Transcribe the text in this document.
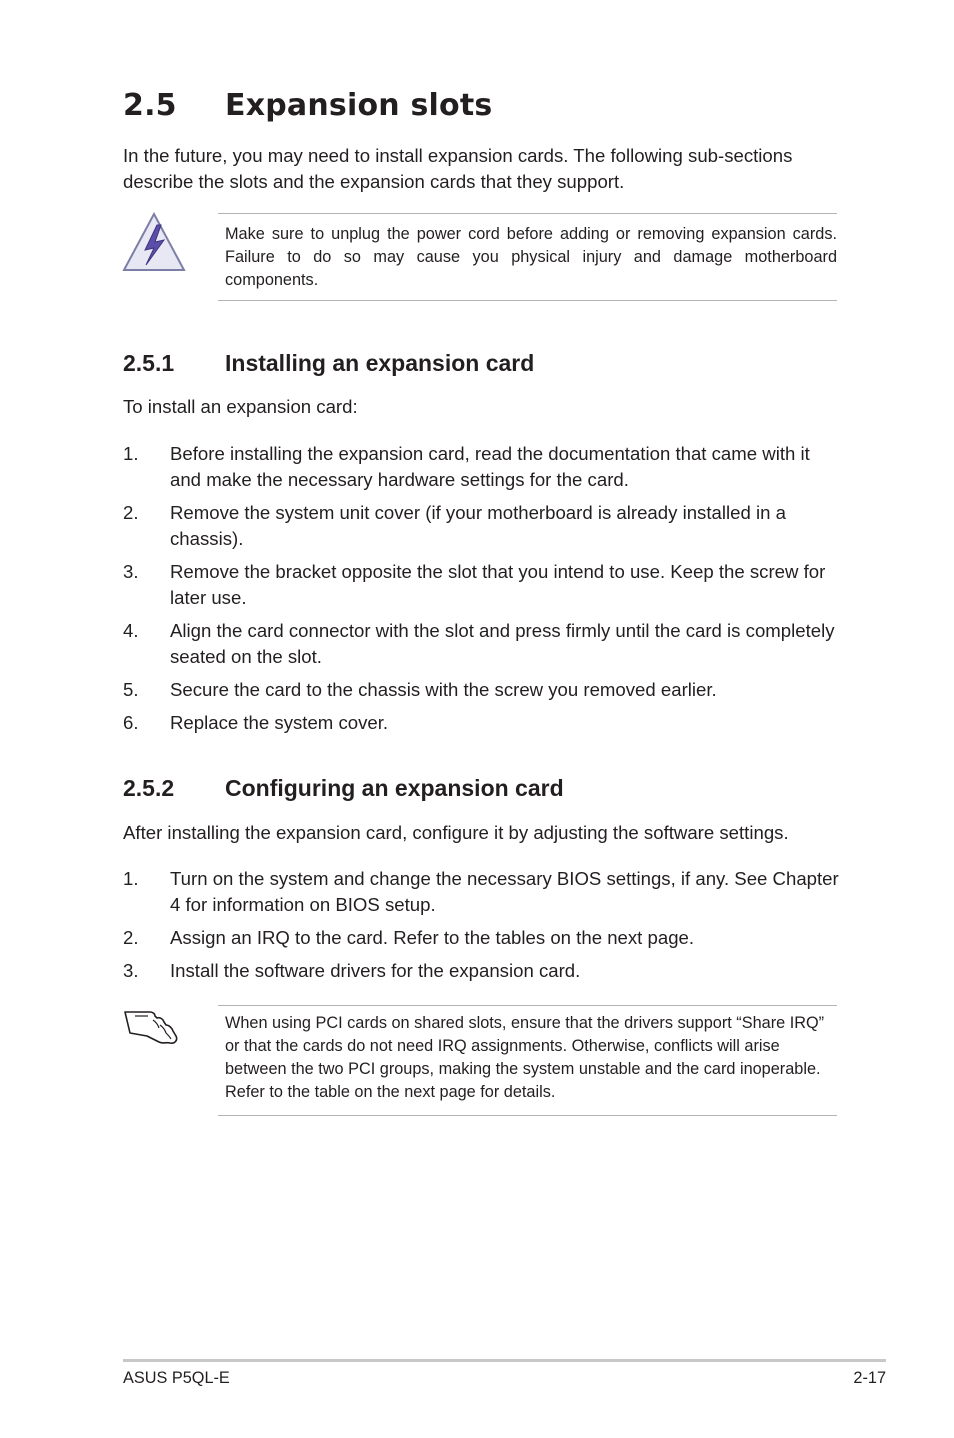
2.5 Expansion slots
In the future, you may need to install expansion cards. The following sub-sections describe the slots and the expansion cards that they support.
Make sure to unplug the power cord before adding or removing expansion cards. Failure to do so may cause you physical injury and damage motherboard components.
2.5.1 Installing an expansion card
To install an expansion card:
1.	Before installing the expansion card, read the documentation that came with it and make the necessary hardware settings for the card.
2.	Remove the system unit cover (if your motherboard is already installed in a chassis).
3.	Remove the bracket opposite the slot that you intend to use. Keep the screw for later use.
4.	Align the card connector with the slot and press firmly until the card is completely seated on the slot.
5.	Secure the card to the chassis with the screw you removed earlier.
6.	Replace the system cover.
2.5.2 Configuring an expansion card
After installing the expansion card, configure it by adjusting the software settings.
1.	Turn on the system and change the necessary BIOS settings, if any. See Chapter 4 for information on BIOS setup.
2.	Assign an IRQ to the card. Refer to the tables on the next page.
3.	Install the software drivers for the expansion card.
When using PCI cards on shared slots, ensure that the drivers support “Share IRQ” or that the cards do not need IRQ assignments. Otherwise, conflicts will arise between the two PCI groups, making the system unstable and the card inoperable. Refer to the table on the next page for details.
ASUS P5QL-E	2-17
